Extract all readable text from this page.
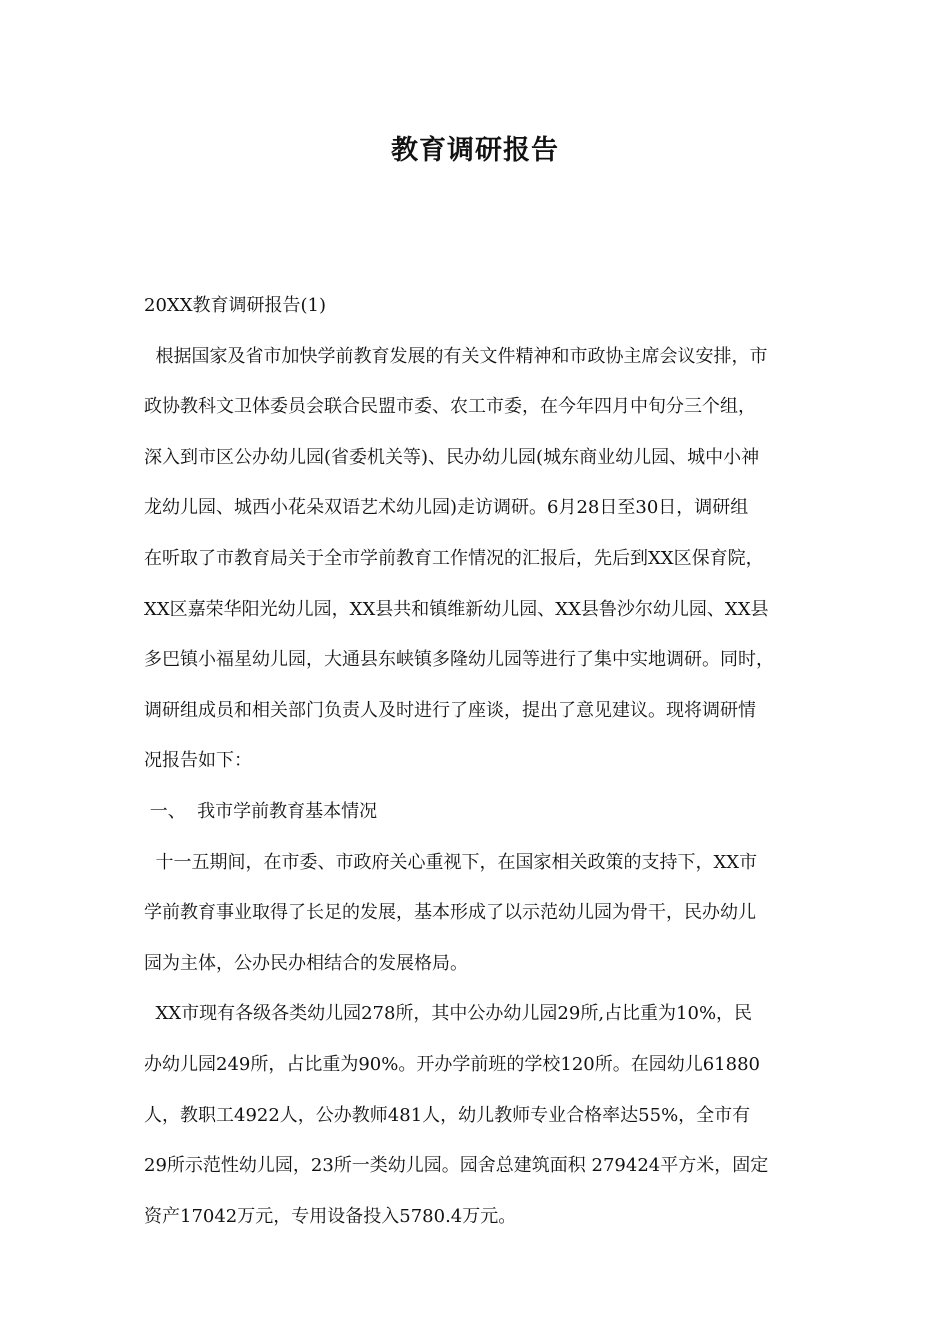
教育调研报告
20XX教育调研报告(1)
根据国家及省市加快学前教育发展的有关文件精神和市政协主席会议安排，市
政协教科文卫体委员会联合民盟市委、农工市委，在今年四月中旬分三个组，
深入到市区公办幼儿园(省委机关等)、民办幼儿园(城东商业幼儿园、城中小神
龙幼儿园、城西小花朵双语艺术幼儿园)走访调研。6月28日至30日，调研组
在听取了市教育局关于全市学前教育工作情况的汇报后，先后到XX区保育院，
XX区嘉荣华阳光幼儿园，XX县共和镇维新幼儿园、XX县鲁沙尔幼儿园、XX县
多巴镇小福星幼儿园，大通县东峡镇多隆幼儿园等进行了集中实地调研。同时，
调研组成员和相关部门负责人及时进行了座谈，提出了意见建议。现将调研情
况报告如下：
一、  我市学前教育基本情况
十一五期间，在市委、市政府关心重视下，在国家相关政策的支持下，XX市
学前教育事业取得了长足的发展，基本形成了以示范幼儿园为骨干，民办幼儿
园为主体，公办民办相结合的发展格局。
XX市现有各级各类幼儿园278所，其中公办幼儿园29所,占比重为10%，民
办幼儿园249所，占比重为90%。开办学前班的学校120所。在园幼儿61880
人，教职工4922人，公办教师481人，幼儿教师专业合格率达55%，全市有
29所示范性幼儿园，23所一类幼儿园。园舍总建筑面积 279424平方米，固定
资产17042万元，专用设备投入5780.4万元。
